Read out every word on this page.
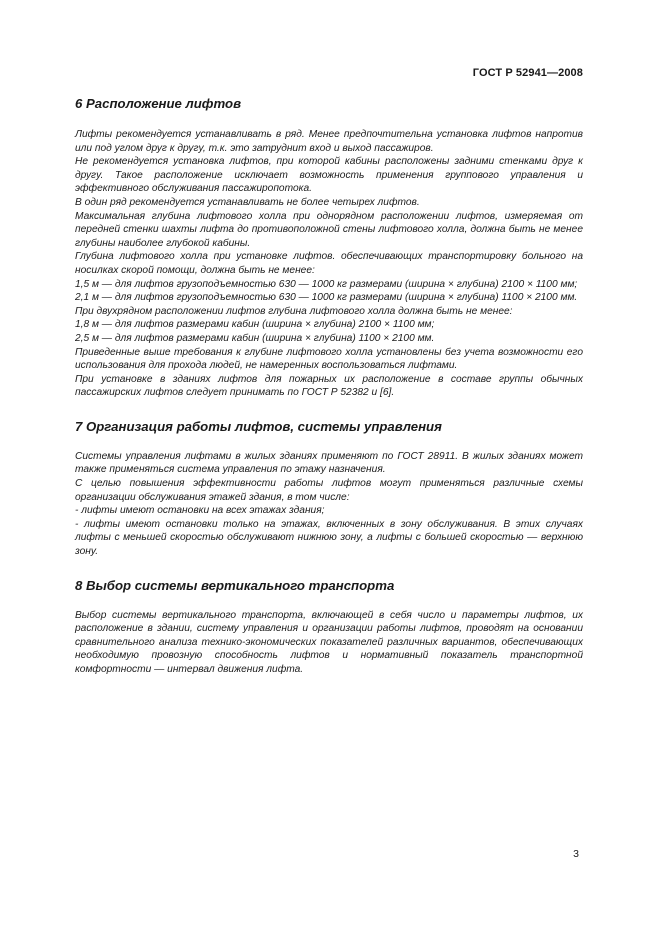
ГОСТ Р 52941—2008
6 Расположение лифтов

Лифты рекомендуется устанавливать в ряд. Менее предпочтительна установка лифтов напротив или под углом друг к другу, т.к. это затруднит вход и выход пассажиров.

Не рекомендуется установка лифтов, при которой кабины расположены задними стенками друг к другу. Такое расположение исключает возможность применения группового управления и эффективного обслуживания пассажиропотока.

В один ряд рекомендуется устанавливать не более четырех лифтов.

Максимальная глубина лифтового холла при однорядном расположении лифтов, измеряемая от передней стенки шахты лифта до противоположной стены лифтового холла, должна быть не менее глубины наиболее глубокой кабины.

Глубина лифтового холла при установке лифтов. обеспечивающих транспортировку больного на носилках скорой помощи, должна быть не менее:

1,5 м — для лифтов грузоподъемностью 630 — 1000 кг размерами (ширина × глубина) 2100 × 1100 мм;

2,1 м — для лифтов грузоподъемностью 630 — 1000 кг размерами (ширина × глубина) 1100 × 2100 мм.

При двухрядном расположении лифтов глубина лифтового холла должна быть не менее:

1,8 м — для лифтов размерами кабин (ширина × глубина) 2100 × 1100 мм;

2,5 м — для лифтов размерами кабин (ширина × глубина) 1100 × 2100 мм.

Приведенные выше требования к глубине лифтового холла установлены без учета возможности его использования для прохода людей, не намеренных воспользоваться лифтами.

При установке в зданиях лифтов для пожарных их расположение в составе группы обычных пассажирских лифтов следует принимать по ГОСТ Р 52382 и [6].

7 Организация работы лифтов, системы управления

Системы управления лифтами в жилых зданиях применяют по ГОСТ 28911. В жилых зданиях может также применяться система управления по этажу назначения.

С целью повышения эффективности работы лифтов могут применяться различные схемы организации обслуживания этажей здания, в том числе:

- лифты имеют остановки на всех этажах здания;

- лифты имеют остановки только на этажах, включенных в зону обслуживания. В этих случаях лифты с меньшей скоростью обслуживают нижнюю зону, а лифты с большей скоростью — верхнюю зону.

8 Выбор системы вертикального транспорта

Выбор системы вертикального транспорта, включающей в себя число и параметры лифтов, их расположение в здании, систему управления и организации работы лифтов, проводят на основании сравнительного анализа технико-экономических показателей различных вариантов, обеспечивающих необходимую провозную способность лифтов и нормативный показатель транспортной комфортности — интервал движения лифта.

3
